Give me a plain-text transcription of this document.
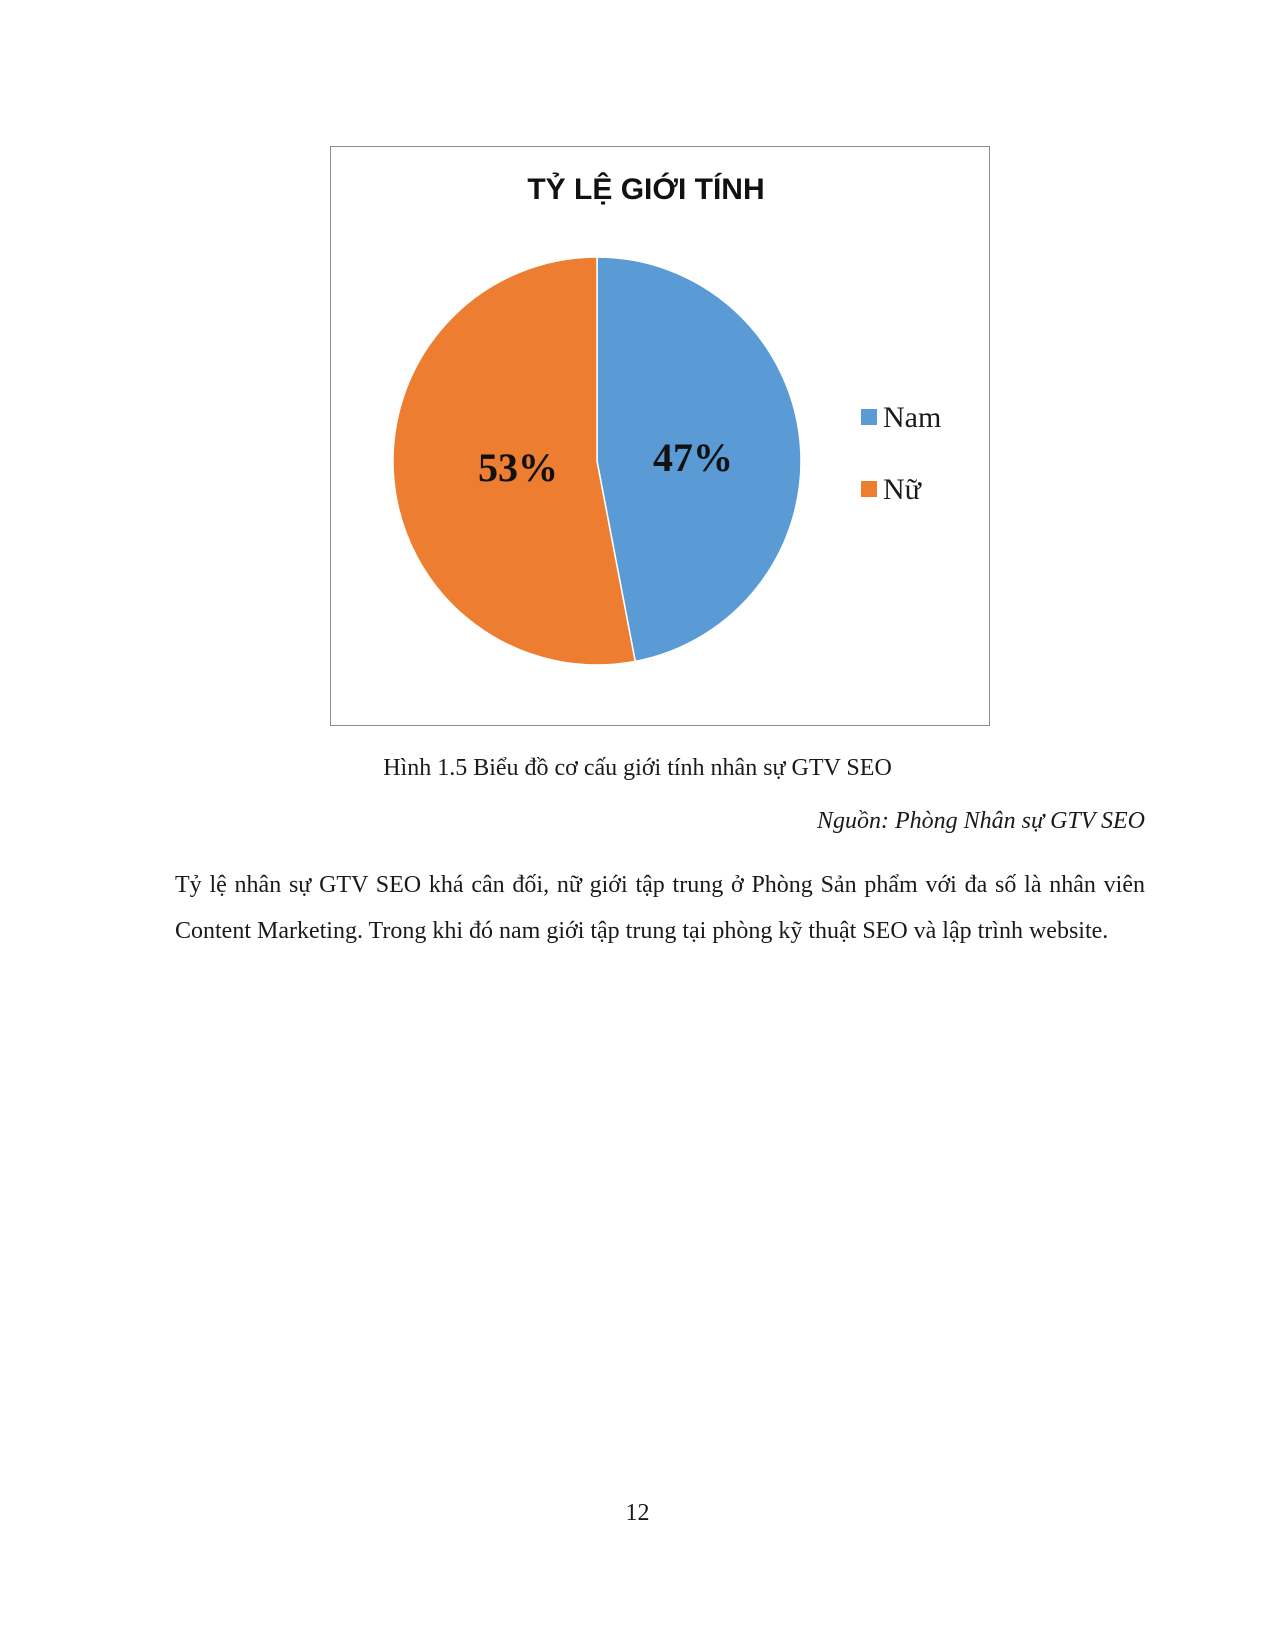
TỶ LỆ GIỚI TÍNH
47%
53%
Nam
Nữ

Hình 1.5 Biểu đồ cơ cấu giới tính nhân sự GTV SEO

Nguồn: Phòng Nhân sự GTV SEO

Tỷ lệ nhân sự GTV SEO khá cân đối, nữ giới tập trung ở Phòng Sản phẩm với đa số là nhân viên Content Marketing. Trong khi đó nam giới tập trung tại phòng kỹ thuật SEO và lập trình website.

12
